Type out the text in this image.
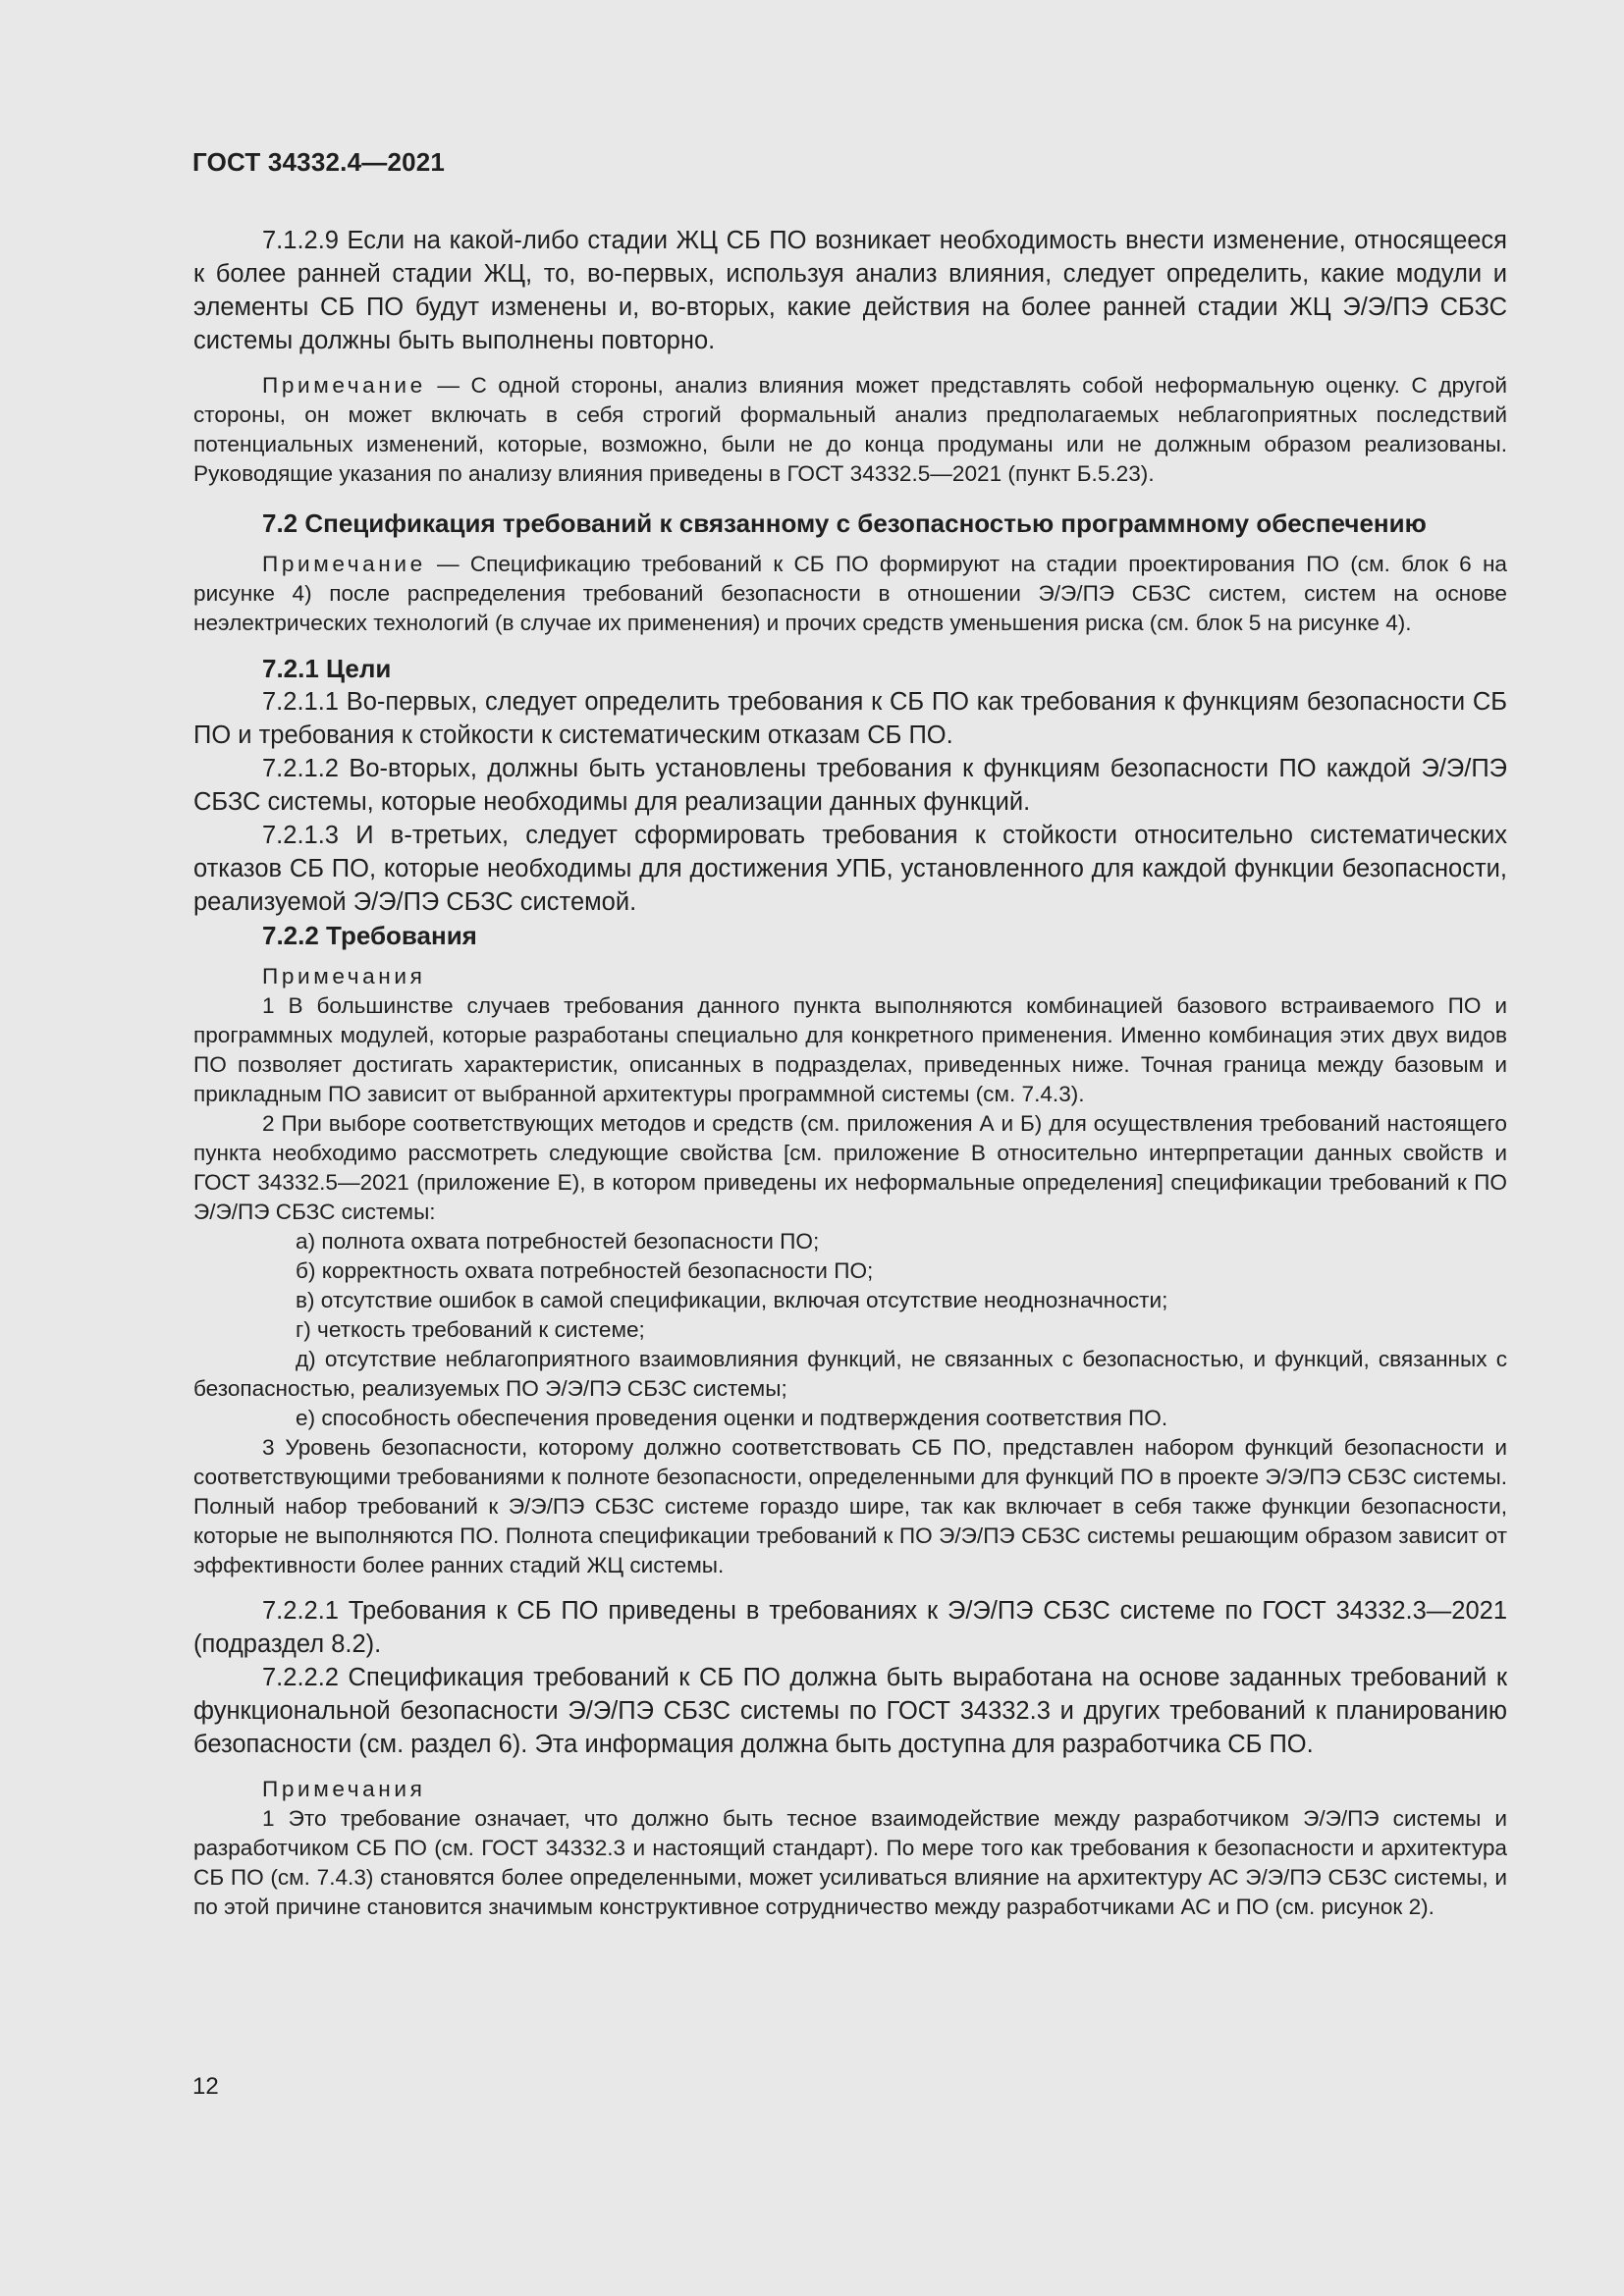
ГОСТ 34332.4—2021

7.1.2.9 Если на какой-либо стадии ЖЦ СБ ПО возникает необходимость внести изменение, относящееся к более ранней стадии ЖЦ, то, во-первых, используя анализ влияния, следует определить, какие модули и элементы СБ ПО будут изменены и, во-вторых, какие действия на более ранней стадии ЖЦ Э/Э/ПЭ СБЗС системы должны быть выполнены повторно.

Примечание — С одной стороны, анализ влияния может представлять собой неформальную оценку. С другой стороны, он может включать в себя строгий формальный анализ предполагаемых неблагоприятных последствий потенциальных изменений, которые, возможно, были не до конца продуманы или не должным образом реализованы. Руководящие указания по анализу влияния приведены в ГОСТ 34332.5—2021 (пункт Б.5.23).

7.2 Спецификация требований к связанному с безопасностью программному обеспечению

Примечание — Спецификацию требований к СБ ПО формируют на стадии проектирования ПО (см. блок 6 на рисунке 4) после распределения требований безопасности в отношении Э/Э/ПЭ СБЗС систем, систем на основе неэлектрических технологий (в случае их применения) и прочих средств уменьшения риска (см. блок 5 на рисунке 4).

7.2.1 Цели

7.2.1.1 Во-первых, следует определить требования к СБ ПО как требования к функциям безопасности СБ ПО и требования к стойкости к систематическим отказам СБ ПО.

7.2.1.2 Во-вторых, должны быть установлены требования к функциям безопасности ПО каждой Э/Э/ПЭ СБЗС системы, которые необходимы для реализации данных функций.

7.2.1.3 И в-третьих, следует сформировать требования к стойкости относительно систематических отказов СБ ПО, которые необходимы для достижения УПБ, установленного для каждой функции безопасности, реализуемой Э/Э/ПЭ СБЗС системой.

7.2.2 Требования

Примечания

1 В большинстве случаев требования данного пункта выполняются комбинацией базового встраиваемого ПО и программных модулей, которые разработаны специально для конкретного применения. Именно комбинация этих двух видов ПО позволяет достигать характеристик, описанных в подразделах, приведенных ниже. Точная граница между базовым и прикладным ПО зависит от выбранной архитектуры программной системы (см. 7.4.3).

2 При выборе соответствующих методов и средств (см. приложения А и Б) для осуществления требований настоящего пункта необходимо рассмотреть следующие свойства [см. приложение В относительно интерпретации данных свойств и ГОСТ 34332.5—2021 (приложение Е), в котором приведены их неформальные определения] спецификации требований к ПО Э/Э/ПЭ СБЗС системы:

а) полнота охвата потребностей безопасности ПО;

б) корректность охвата потребностей безопасности ПО;

в) отсутствие ошибок в самой спецификации, включая отсутствие неоднозначности;

г) четкость требований к системе;

д) отсутствие неблагоприятного взаимовлияния функций, не связанных с безопасностью, и функций, связанных с безопасностью, реализуемых ПО Э/Э/ПЭ СБЗС системы;

е) способность обеспечения проведения оценки и подтверждения соответствия ПО.

3 Уровень безопасности, которому должно соответствовать СБ ПО, представлен набором функций безопасности и соответствующими требованиями к полноте безопасности, определенными для функций ПО в проекте Э/Э/ПЭ СБЗС системы. Полный набор требований к Э/Э/ПЭ СБЗС системе гораздо шире, так как включает в себя также функции безопасности, которые не выполняются ПО. Полнота спецификации требований к ПО Э/Э/ПЭ СБЗС системы решающим образом зависит от эффективности более ранних стадий ЖЦ системы.

7.2.2.1 Требования к СБ ПО приведены в требованиях к Э/Э/ПЭ СБЗС системе по ГОСТ 34332.3—2021 (подраздел 8.2).

7.2.2.2 Спецификация требований к СБ ПО должна быть выработана на основе заданных требований к функциональной безопасности Э/Э/ПЭ СБЗС системы по ГОСТ 34332.3 и других требований к планированию безопасности (см. раздел 6). Эта информация должна быть доступна для разработчика СБ ПО.

Примечания

1 Это требование означает, что должно быть тесное взаимодействие между разработчиком Э/Э/ПЭ системы и разработчиком СБ ПО (см. ГОСТ 34332.3 и настоящий стандарт). По мере того как требования к безопасности и архитектура СБ ПО (см. 7.4.3) становятся более определенными, может усиливаться влияние на архитектуру АС Э/Э/ПЭ СБЗС системы, и по этой причине становится значимым конструктивное сотрудничество между разработчиками АС и ПО (см. рисунок 2).

12
